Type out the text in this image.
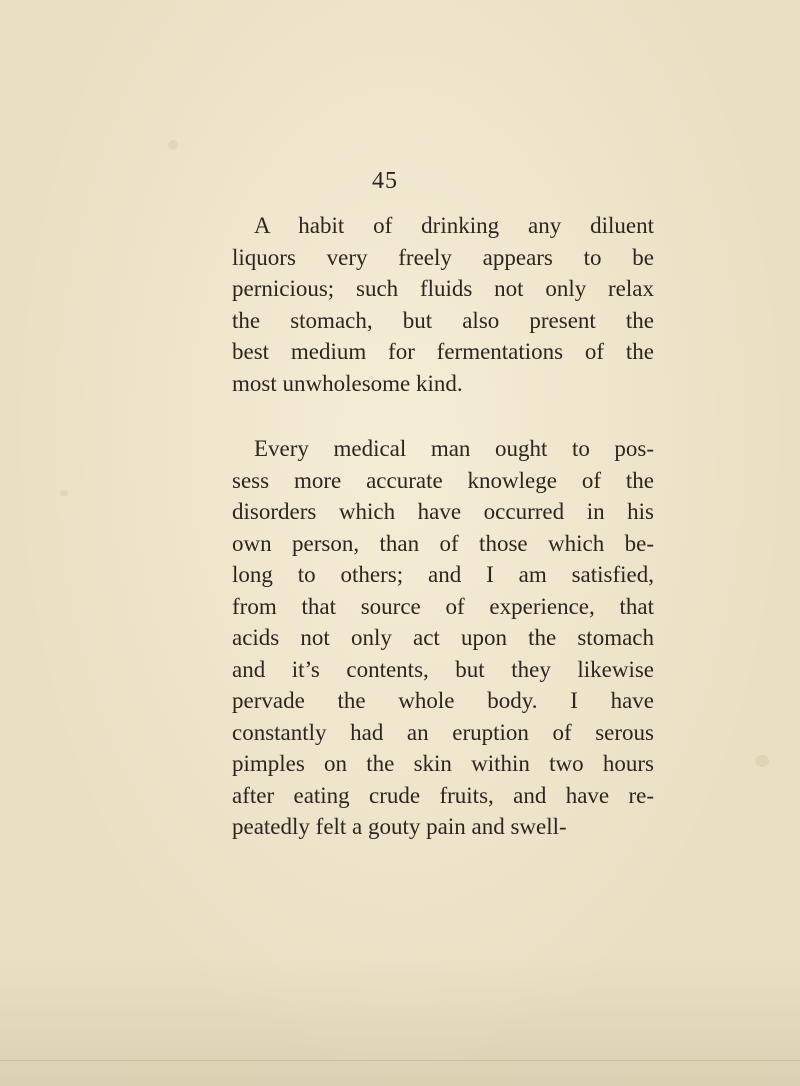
45

A habit of drinking any diluent
liquors very freely appears to be
pernicious; such fluids not only relax
the stomach, but also present the
best medium for fermentations of the
most unwholesome kind.

Every medical man ought to pos-
sess more accurate knowlege of the
disorders which have occurred in his
own person, than of those which be-
long to others; and I am satisfied,
from that source of experience, that
acids not only act upon the stomach
and it’s contents, but they likewise
pervade the whole body. I have
constantly had an eruption of serous
pimples on the skin within two hours
after eating crude fruits, and have re-
peatedly felt a gouty pain and swell-
